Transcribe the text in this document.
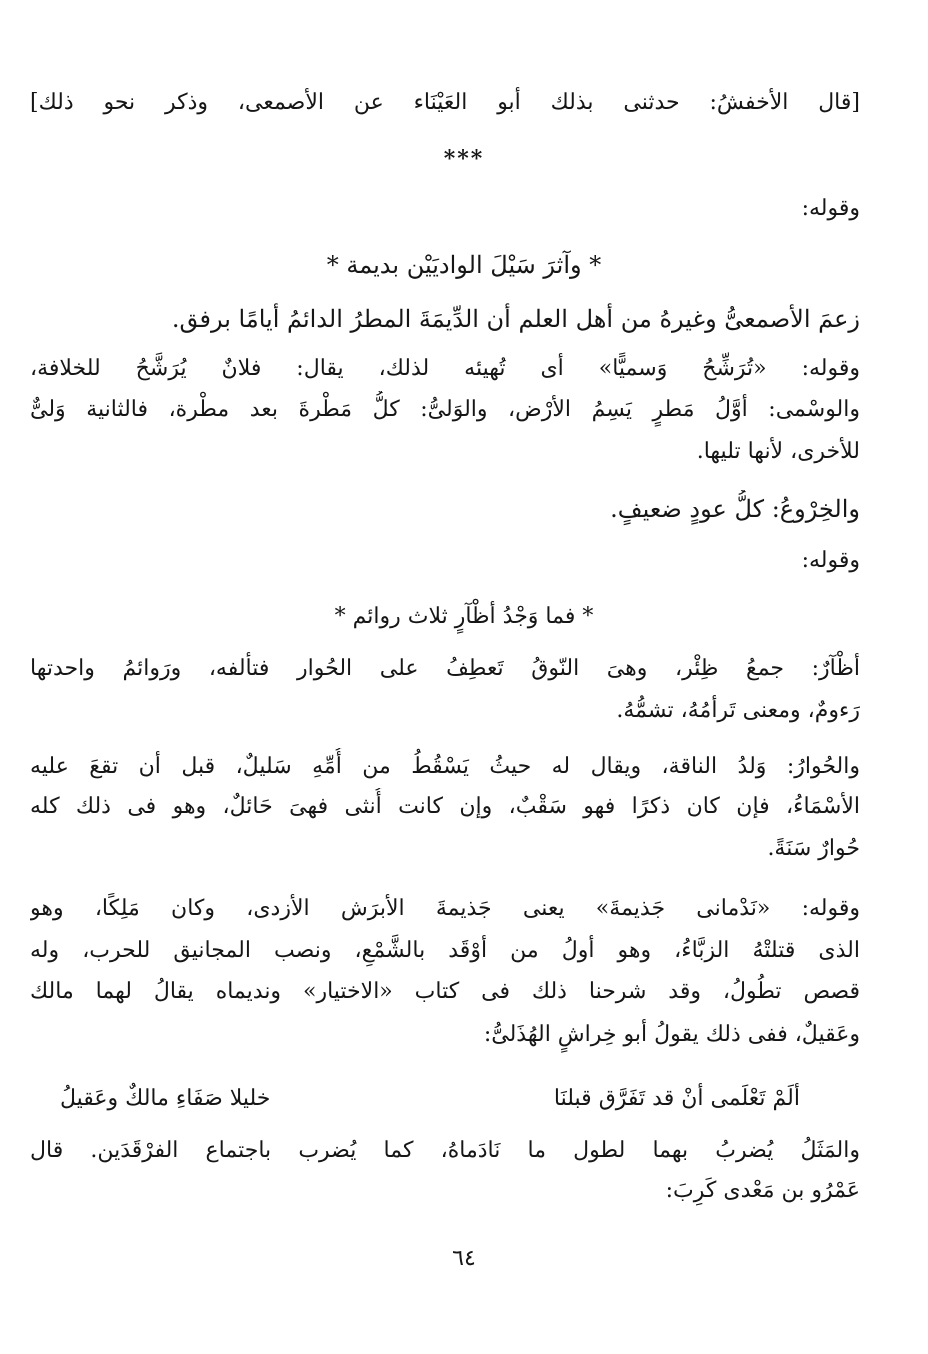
[قال الأخفشُ: حدثنى بذلك أبو العَيْنَاء عن الأصمعى، وذكر نحو ذلك]
***
وقوله:
* وآثرَ سَيْلَ الواديَيْن بديمة *
زعمَ الأصمعىُّ وغيرهُ من أهل العلم أن الدِّيمَةَ المطرُ الدائمُ أيامًا برفق.
وقوله: «تُرَشِّحُ وَسميًّا» أى تُهيئه لذلك، يقال: فلانٌ يُرَشَّحُ للخلافة،
والوسْمى: أوَّلُ مَطرٍ يَسِمُ الأرْض، والوَلىُّ: كلُّ مَطْرةَ بعد مطْرة، فالثانية وَلىٌّ
للأخرى، لأنها تليها.
والخِرْوعُ: كلُّ عودٍ ضعيفٍ.
وقوله:
* فما وَجْدُ أظْآرٍ ثلاث روائم *
أظْآرٌ: جمعُ ظِئْر، وهىَ النّوقُ تَعطِفُ على الحُوار فتألفه، ورَوائمُ واحدتها
رَءومٌ، ومعنى تَرأمُهُ، تشمُّهُ.
والحُوارُ: وَلدُ الناقة، ويقال له حيثُ يَسْقُطُ من أُمِّهِ سَليلٌ، قبل أن تقعَ عليه
الأسْمَاءُ، فإن كان ذكرًا فهو سَقْبٌ، وإن كانت أُنثى فهىَ حَائلٌ، وهو فى ذلك كله
حُوارٌ سَنَةً.
وقوله: «نَدْمانى جَذيمةَ» يعنى جَذيمةَ الأبرَش الأزدى، وكان مَلِكًا، وهو
الذى قتلتْهُ الزبَّاءُ، وهو أولُ من أوْقَد بالشَّمْعِ، ونصب المجانيق للحرب، وله
قصص تطُولُ، وقد شرحنا ذلك فى كتاب «الاختيار» ونديماه يقالُ لهما مالك
وعَقيلٌ، ففى ذلك يقولُ أبو خِراشٍ الهُذَلىُّ:
ألَمْ تَعْلَمى أنْ قد تَفَرَّق قبلنَا
خليلا صَفَاءِ مالكٌ وعَقيلُ
والمَثَلُ يُضربُ بهما لطول ما نَادَماهُ، كما يُضرب باجتماع الفرْقَدَين. قال
عَمْرُو بن مَعْدى كَرِبَ:
٦٤
